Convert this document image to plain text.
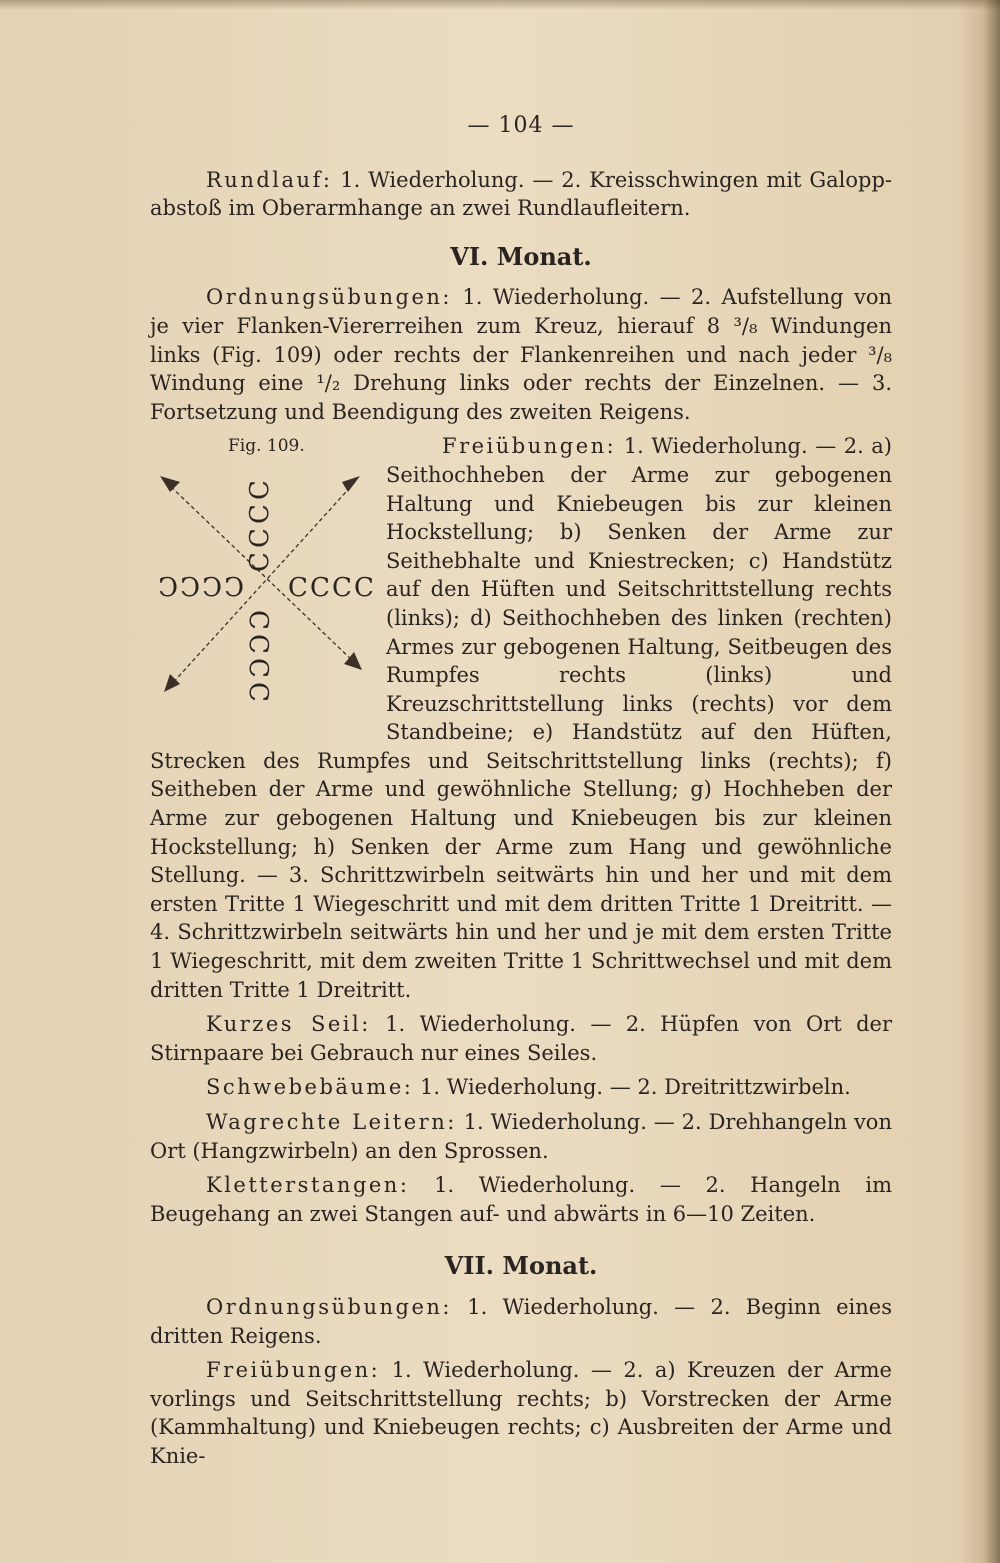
— 104 —

Rundlauf: 1. Wiederholung. — 2. Kreisschwingen mit Galopp-abstoß im Oberarmhange an zwei Rundlaufleitern.

VI. Monat.

Ordnungsübungen: 1. Wiederholung. — 2. Aufstellung von je vier Flanken-Viererreihen zum Kreuz, hierauf 8 ³/₈ Windungen links (Fig. 109) oder rechts der Flankenreihen und nach jeder ³/₈ Windung eine ¹/₂ Drehung links oder rechts der Einzelnen. — 3. Fortsetzung und Beendigung des zweiten Reigens.

Fig. 109.
C
C
C
C
C C C C
C C C C
C
C
C
C

Freiübungen: 1. Wiederholung. — 2. a) Seithochheben der Arme zur gebogenen Haltung und Kniebeugen bis zur kleinen Hockstellung; b) Senken der Arme zur Seithebhalte und Kniestrecken; c) Handstütz auf den Hüften und Seitschrittstellung rechts (links); d) Seithochheben des linken (rechten) Armes zur gebogenen Haltung, Seitbeugen des Rumpfes rechts (links) und Kreuzschrittstellung links (rechts) vor dem Standbeine; e) Handstütz auf den Hüften, Strecken des Rumpfes und Seitschrittstellung links (rechts); f) Seitheben der Arme und gewöhnliche Stellung; g) Hochheben der Arme zur gebogenen Haltung und Kniebeugen bis zur kleinen Hockstellung; h) Senken der Arme zum Hang und gewöhnliche Stellung. — 3. Schrittzwirbeln seitwärts hin und her und mit dem ersten Tritte 1 Wiegeschritt und mit dem dritten Tritte 1 Dreitritt. — 4. Schrittzwirbeln seitwärts hin und her und je mit dem ersten Tritte 1 Wiegeschritt, mit dem zweiten Tritte 1 Schrittwechsel und mit dem dritten Tritte 1 Dreitritt.

Kurzes Seil: 1. Wiederholung. — 2. Hüpfen von Ort der Stirnpaare bei Gebrauch nur eines Seiles.

Schwebebäume: 1. Wiederholung. — 2. Dreitrittzwirbeln.

Wagrechte Leitern: 1. Wiederholung. — 2. Drehhangeln von Ort (Hangzwirbeln) an den Sprossen.

Kletterstangen: 1. Wiederholung. — 2. Hangeln im Beugehang an zwei Stangen auf- und abwärts in 6—10 Zeiten.

VII. Monat.

Ordnungsübungen: 1. Wiederholung. — 2. Beginn eines dritten Reigens.

Freiübungen: 1. Wiederholung. — 2. a) Kreuzen der Arme vorlings und Seitschrittstellung rechts; b) Vorstrecken der Arme (Kammhaltung) und Kniebeugen rechts; c) Ausbreiten der Arme und Knie-
